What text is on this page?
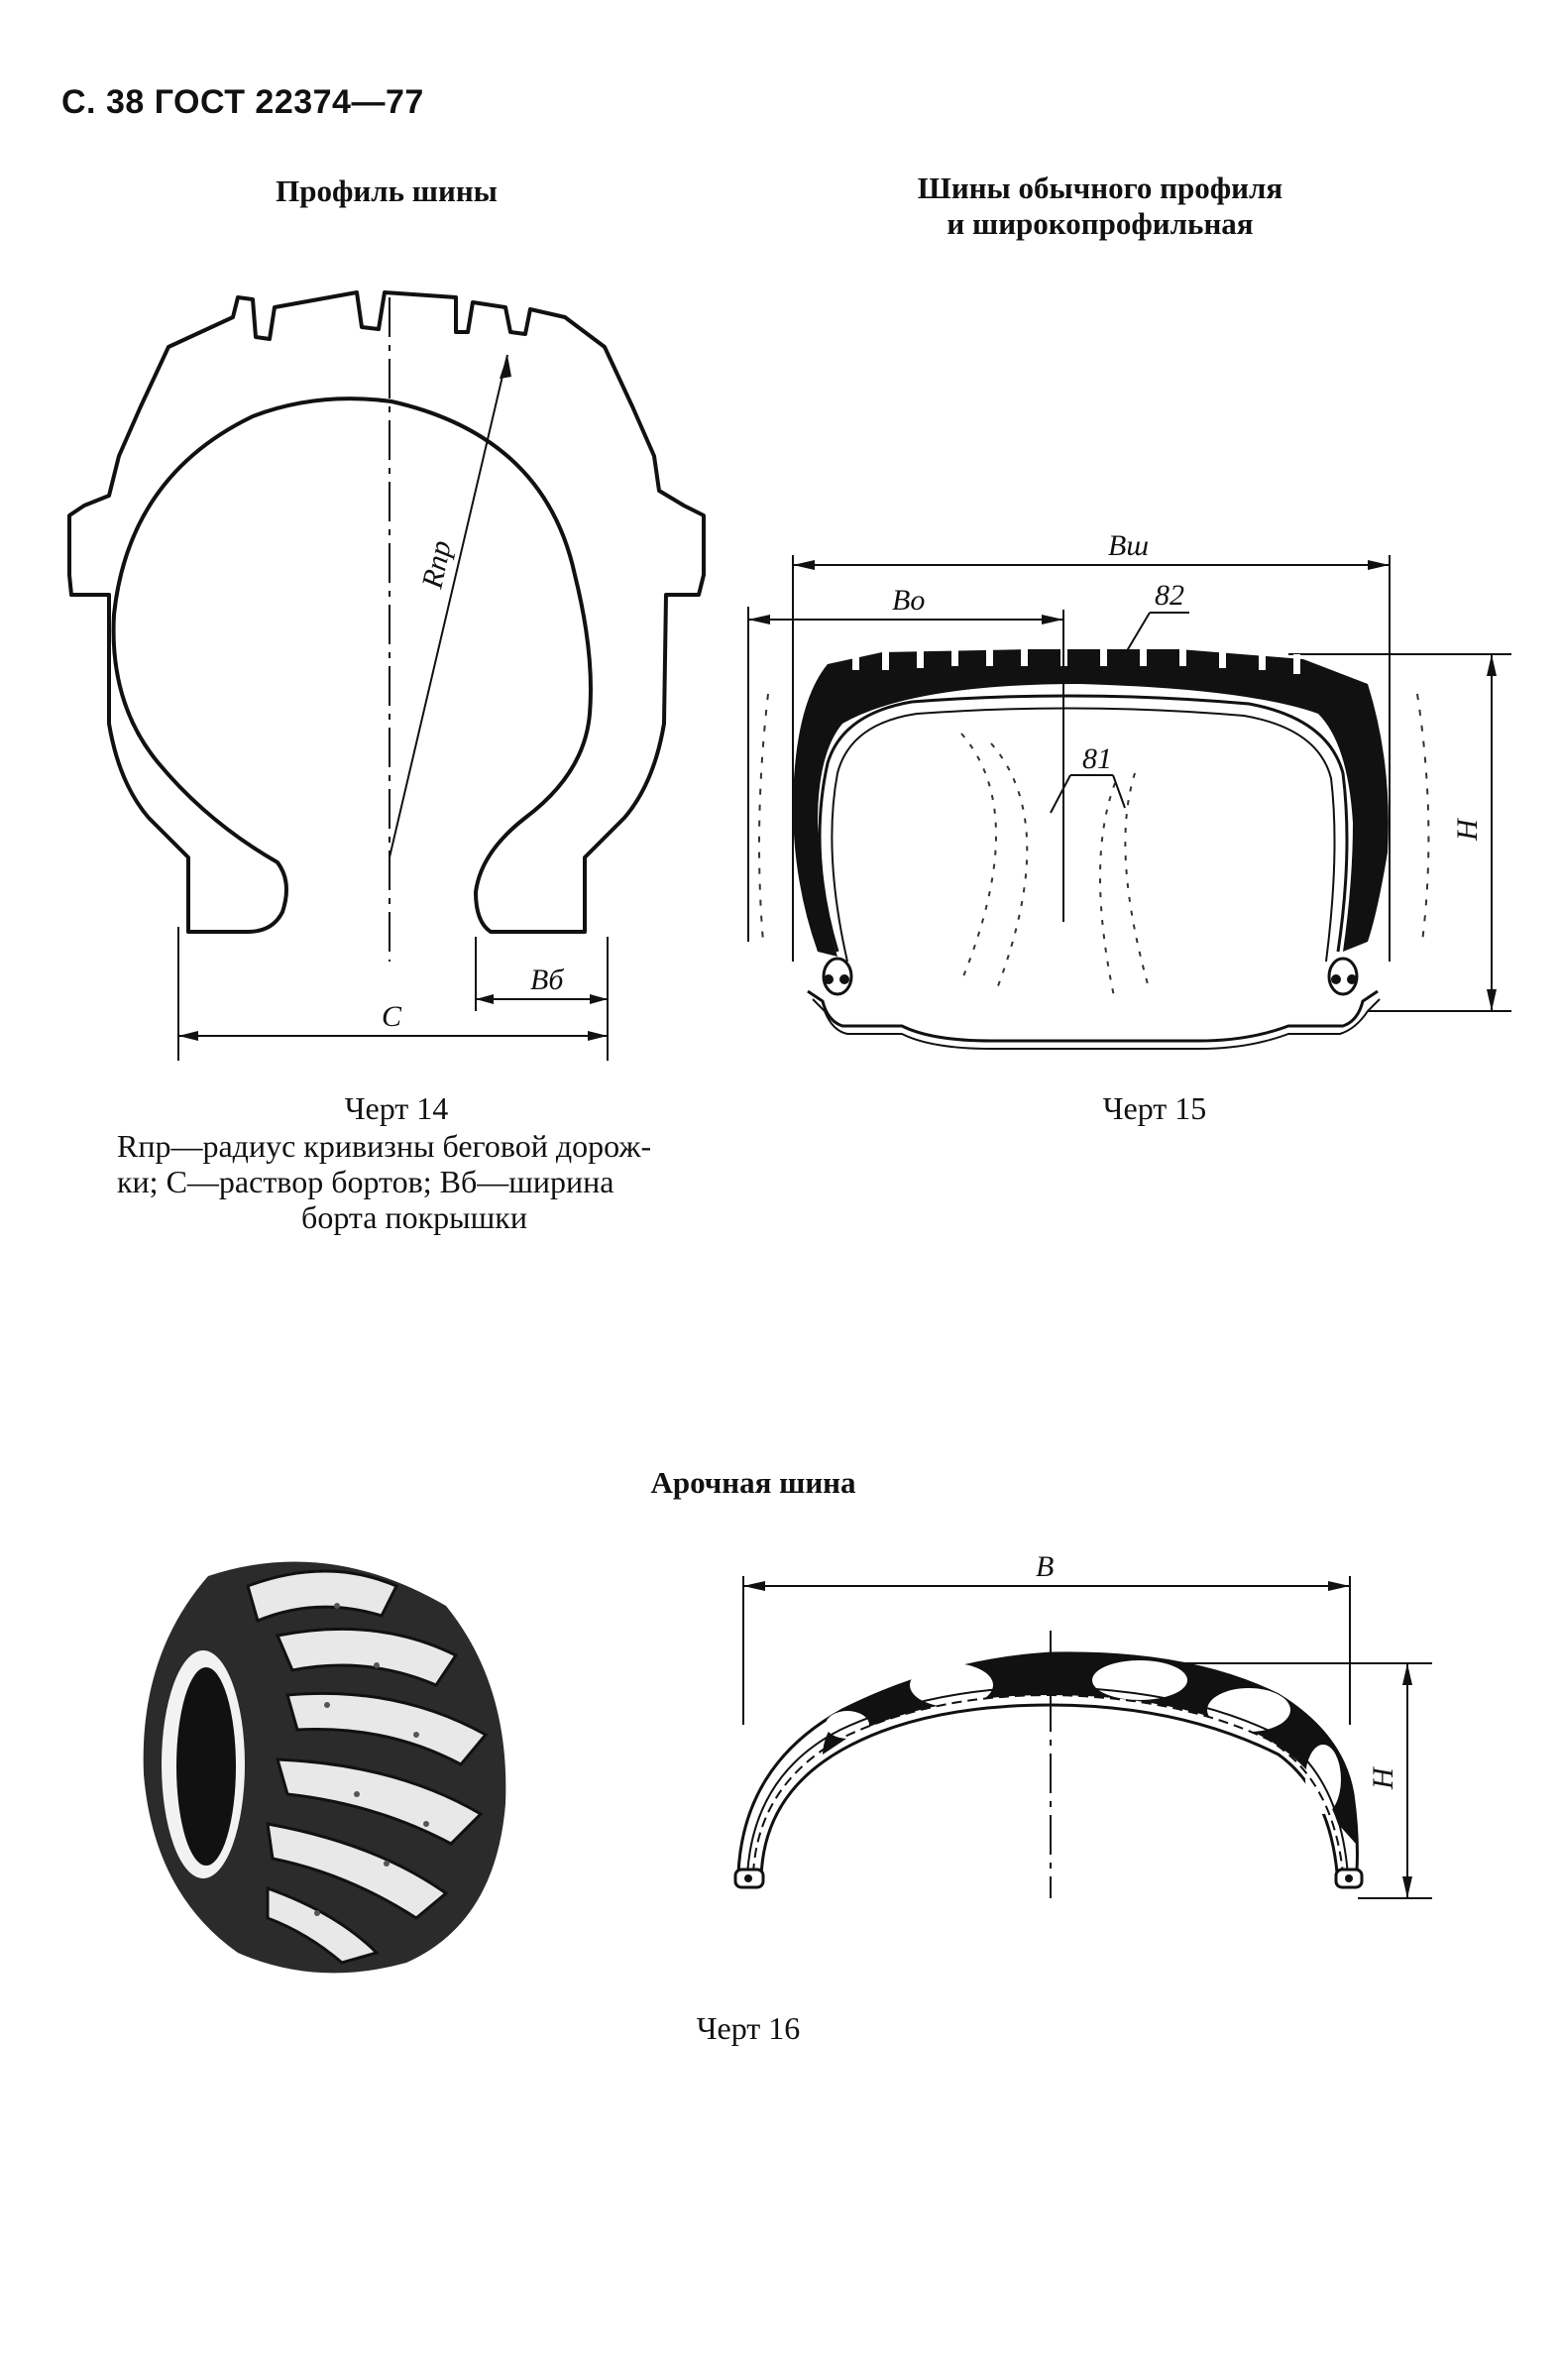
С. 38 ГОСТ 22374—77
Профиль шины
Rпр
Вб
С
Черт 14
Rпр—радиус кривизны беговой дорож-
ки; С—раствор бортов; Bб—ширина
борта покрышки
Шины обычного профиля
и широкопрофильная
Вш
Во	82
H
81
Черт 15
Арочная шина
В
H
Черт 16
